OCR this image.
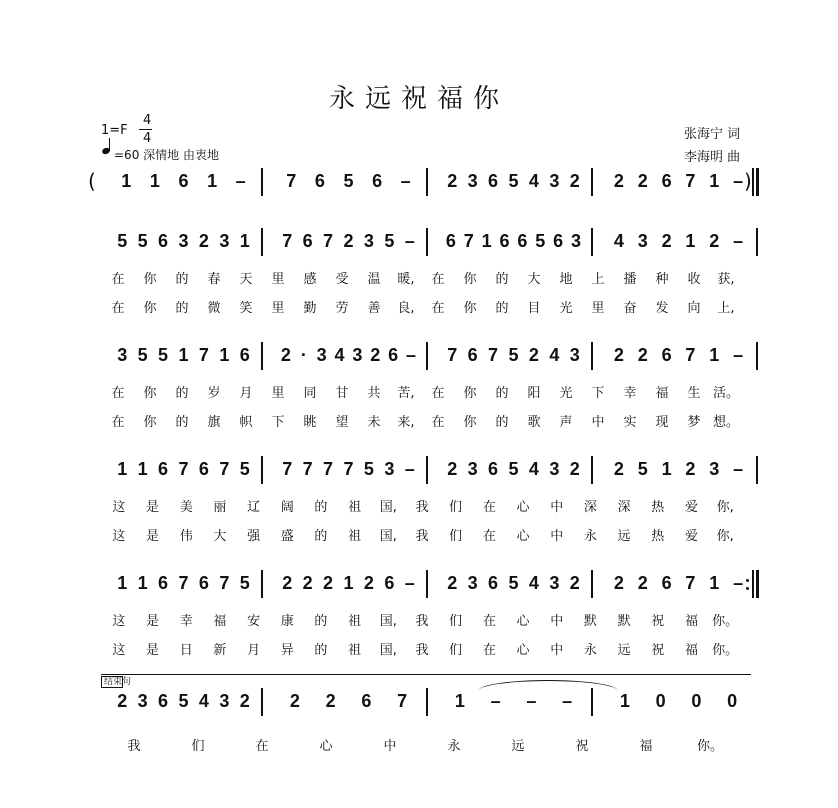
永远祝福你
1=F
4
4
=60 深情地 由衷地
张海宁 词
李海明 曲
( 1 1 6 1 – 7 6 5 6 – 2 3 6 5 4 3 2 2 2 6 7 1 – )
5 5 6 3 2 3 1 7 6 7 2 3 5 – 6 7 1 6 6 5 6 3 4 3 2 1 2 –
在 你 的 春 天 里 感 受 温 暖, 在 你 的 大 地 上 播 种 收 获,
在 你 的 微 笑 里 勤 劳 善 良, 在 你 的 目 光 里 奋 发 向 上,
3 5 5 1 7 1 6 2 · 3 4 3 2 6 – 7 6 7 5 2 4 3 2 2 6 7 1 –
在 你 的 岁 月 里 同 甘 共 苦, 在 你 的 阳 光 下 幸 福 生 活。
在 你 的 旗 帜 下 眺 望 未 来, 在 你 的 歌 声 中 实 现 梦 想。
1 1 6 7 6 7 5 7 7 7 7 5 3 – 2 3 6 5 4 3 2 2 5 1 2 3 –
这 是 美 丽 辽 阔 的 祖 国, 我 们 在 心 中 深 深 热 爱 你,
这 是 伟 大 强 盛 的 祖 国, 我 们 在 心 中 永 远 热 爱 你,
1 1 6 7 6 7 5 2 2 2 1 2 6 – 2 3 6 5 4 3 2 2 2 6 7 1 –
这 是 幸 福 安 康 的 祖 国, 我 们 在 心 中 默 默 祝 福 你。
这 是 日 新 月 异 的 祖 国, 我 们 在 心 中 永 远 祝 福 你。
2 3 6 5 4 3 2 2 2 6 7	1 – – –	1 0 0 0
我	们	在	心	中	永	远	祝	福	你。
结束句
